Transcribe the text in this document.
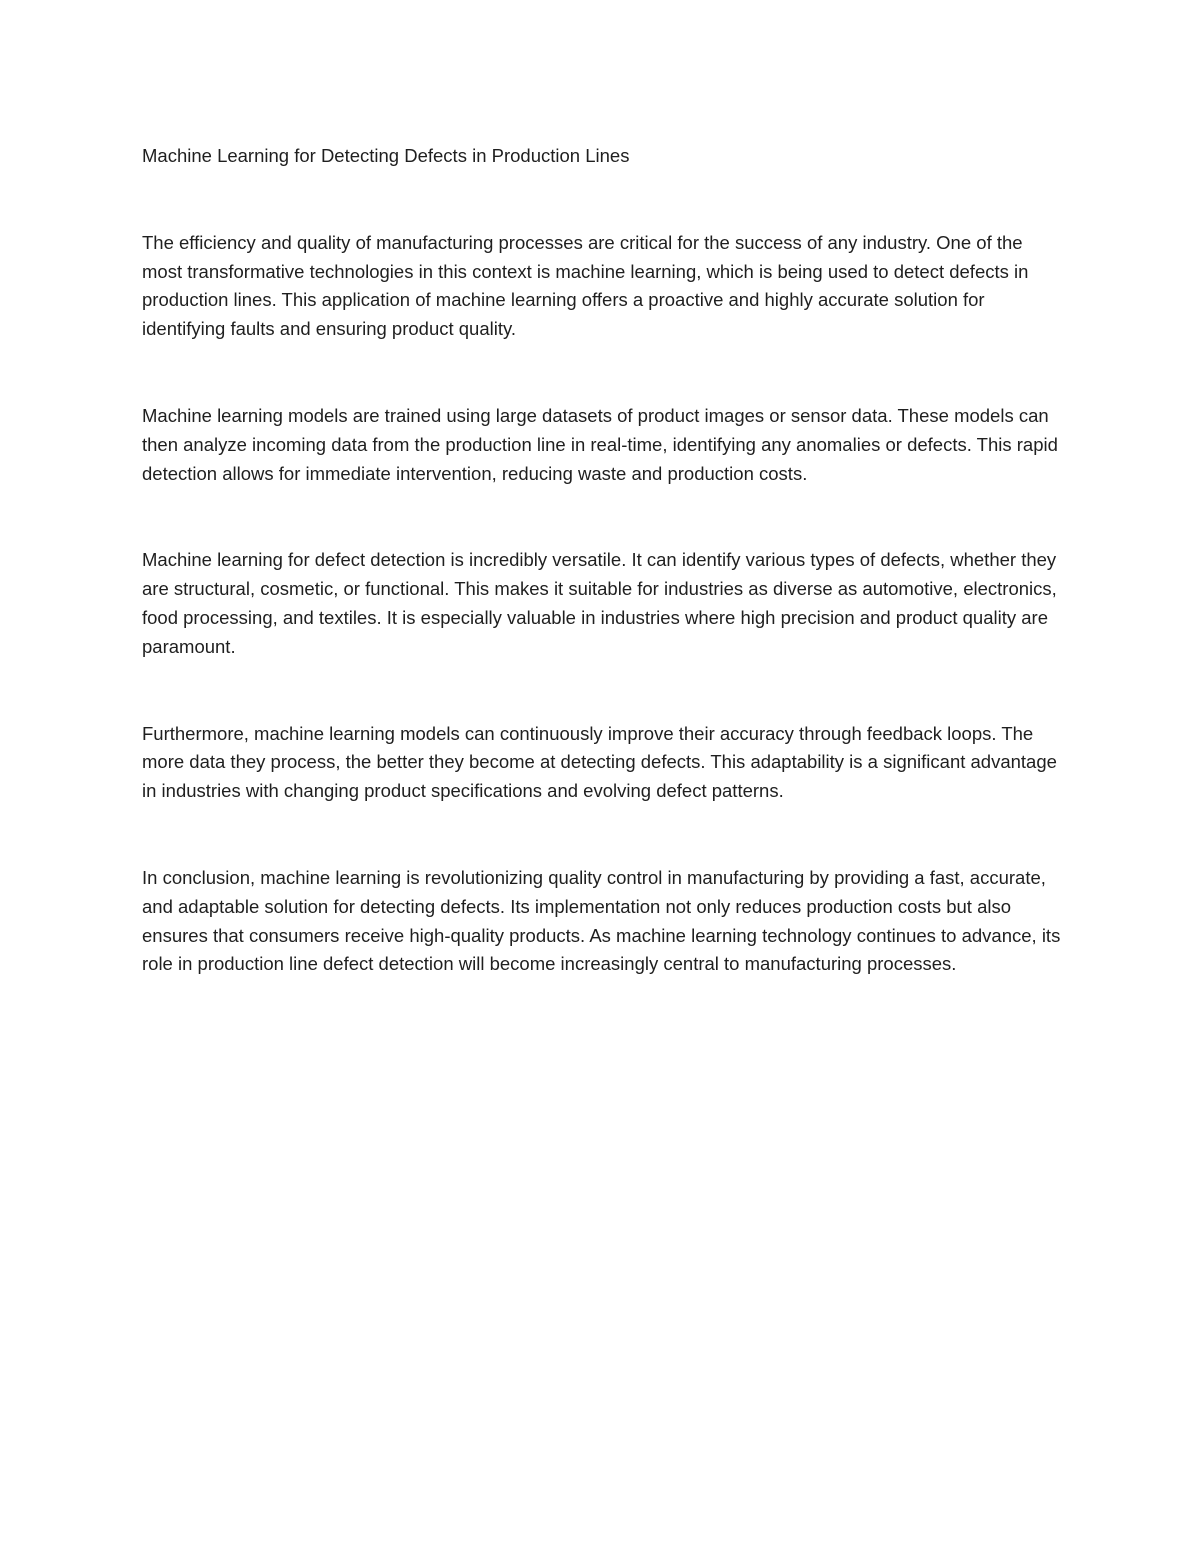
Machine Learning for Detecting Defects in Production Lines

The efficiency and quality of manufacturing processes are critical for the success of any industry. One of the most transformative technologies in this context is machine learning, which is being used to detect defects in production lines. This application of machine learning offers a proactive and highly accurate solution for identifying faults and ensuring product quality.

Machine learning models are trained using large datasets of product images or sensor data. These models can then analyze incoming data from the production line in real-time, identifying any anomalies or defects. This rapid detection allows for immediate intervention, reducing waste and production costs.

Machine learning for defect detection is incredibly versatile. It can identify various types of defects, whether they are structural, cosmetic, or functional. This makes it suitable for industries as diverse as automotive, electronics, food processing, and textiles. It is especially valuable in industries where high precision and product quality are paramount.

Furthermore, machine learning models can continuously improve their accuracy through feedback loops. The more data they process, the better they become at detecting defects. This adaptability is a significant advantage in industries with changing product specifications and evolving defect patterns.

In conclusion, machine learning is revolutionizing quality control in manufacturing by providing a fast, accurate, and adaptable solution for detecting defects. Its implementation not only reduces production costs but also ensures that consumers receive high-quality products. As machine learning technology continues to advance, its role in production line defect detection will become increasingly central to manufacturing processes.
